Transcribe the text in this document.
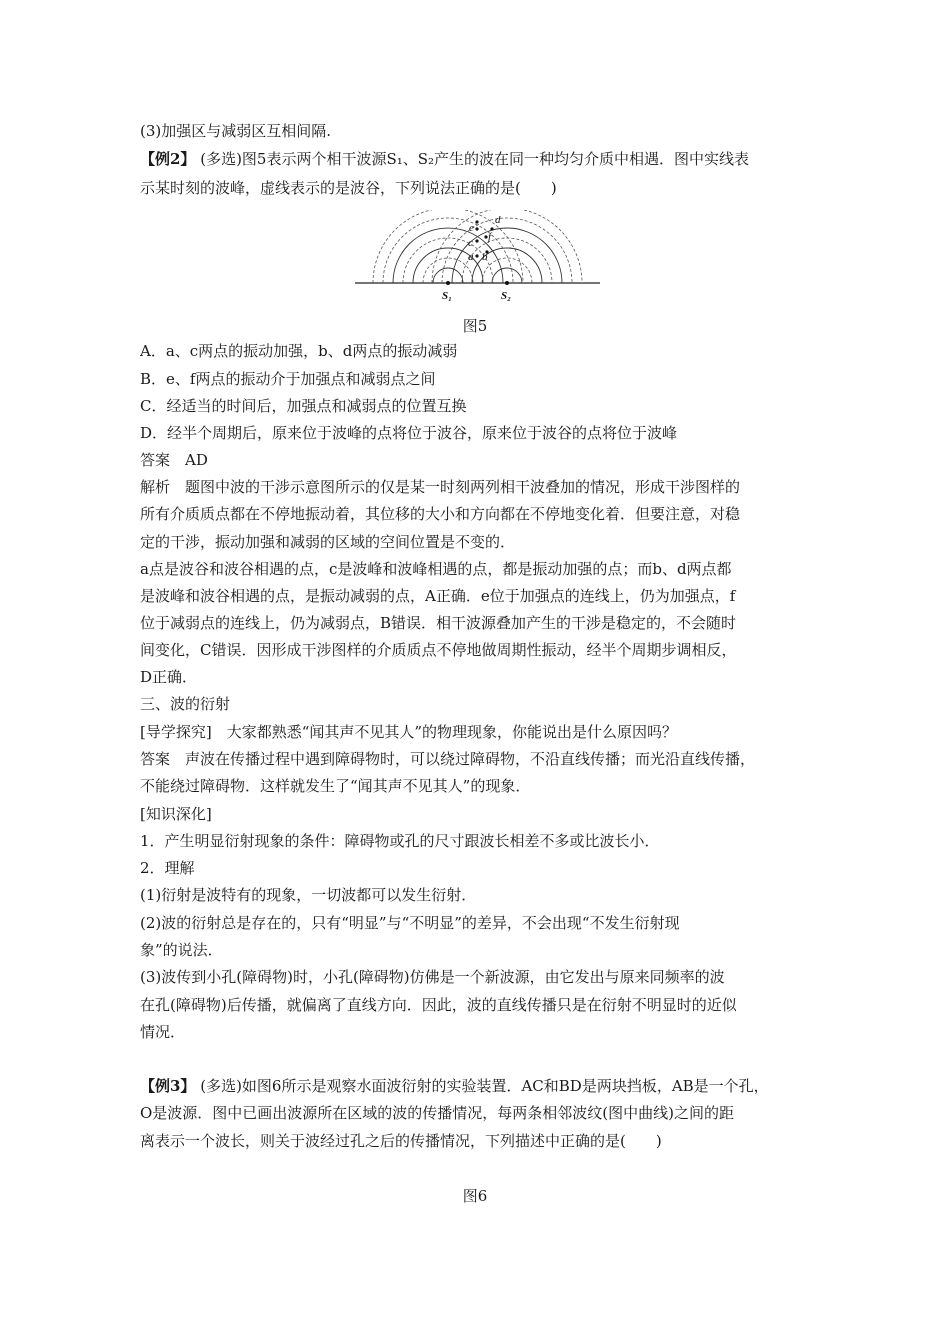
(3)加强区与减弱区互相间隔.
【例2】 (多选)图5表示两个相干波源S₁、S₂产生的波在同一种均匀介质中相遇．图中实线表
示某时刻的波峰，虚线表示的是波谷，下列说法正确的是(　　)
d
e
f
c
a b
S₁	S₂
图5
A．a、c两点的振动加强，b、d两点的振动减弱
B．e、f两点的振动介于加强点和减弱点之间
C．经适当的时间后，加强点和减弱点的位置互换
D．经半个周期后，原来位于波峰的点将位于波谷，原来位于波谷的点将位于波峰
答案　AD
解析　题图中波的干涉示意图所示的仅是某一时刻两列相干波叠加的情况，形成干涉图样的
所有介质质点都在不停地振动着，其位移的大小和方向都在不停地变化着．但要注意，对稳
定的干涉，振动加强和减弱的区域的空间位置是不变的．
a点是波谷和波谷相遇的点，c是波峰和波峰相遇的点，都是振动加强的点；而b、d两点都
是波峰和波谷相遇的点，是振动减弱的点，A正确．e位于加强点的连线上，仍为加强点，f
位于减弱点的连线上，仍为减弱点，B错误．相干波源叠加产生的干涉是稳定的，不会随时
间变化，C错误．因形成干涉图样的介质质点不停地做周期性振动，经半个周期步调相反，
D正确．
三、波的衍射
[导学探究]　大家都熟悉“闻其声不见其人”的物理现象，你能说出是什么原因吗？
答案　声波在传播过程中遇到障碍物时，可以绕过障碍物，不沿直线传播；而光沿直线传播，
不能绕过障碍物．这样就发生了“闻其声不见其人”的现象．
[知识深化]
1．产生明显衍射现象的条件：障碍物或孔的尺寸跟波长相差不多或比波长小．
2．理解
(1)衍射是波特有的现象，一切波都可以发生衍射．
(2)波的衍射总是存在的，只有“明显”与“不明显”的差异，不会出现“不发生衍射现
象”的说法．
(3)波传到小孔(障碍物)时，小孔(障碍物)仿佛是一个新波源，由它发出与原来同频率的波
在孔(障碍物)后传播，就偏离了直线方向．因此，波的直线传播只是在衍射不明显时的近似
情况．
【例3】 (多选)如图6所示是观察水面波衍射的实验装置．AC和BD是两块挡板，AB是一个孔，
O是波源．图中已画出波源所在区域的波的传播情况，每两条相邻波纹(图中曲线)之间的距
离表示一个波长，则关于波经过孔之后的传播情况，下列描述中正确的是(　　)
图6
